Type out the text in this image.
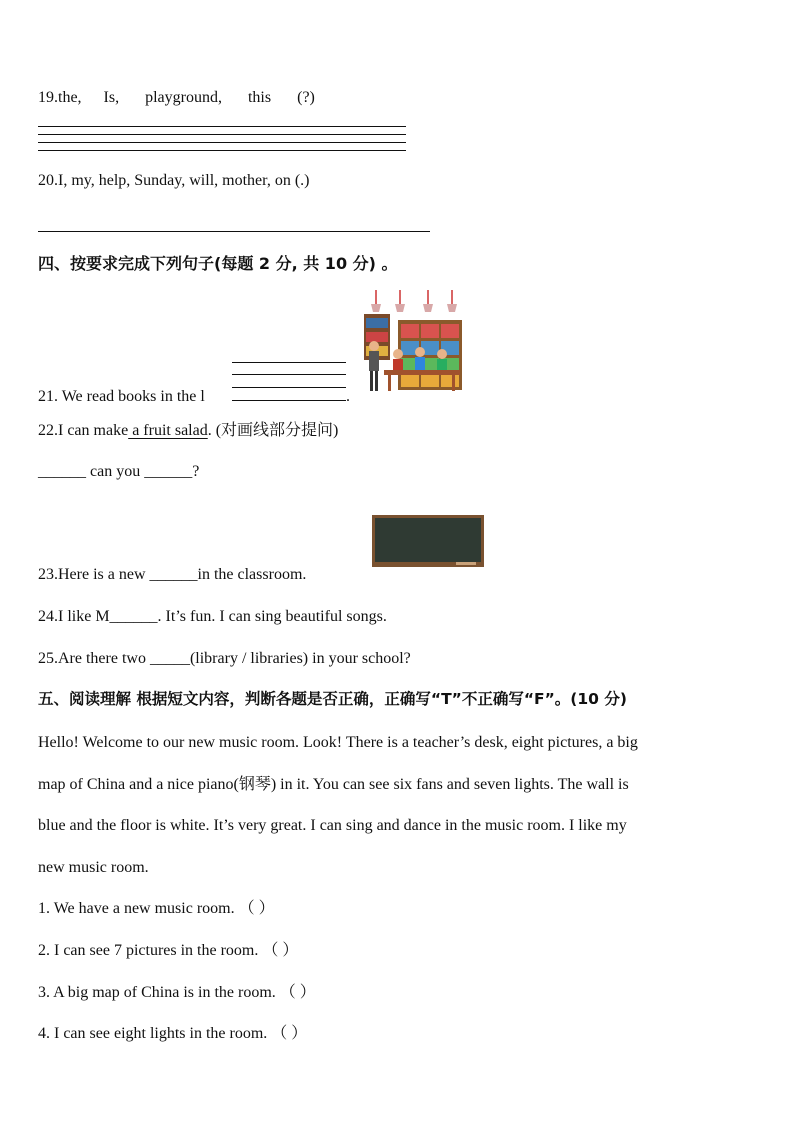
19.the, Is, playground, this (?)
20.I, my, help, Sunday, will, mother, on (.)
四、按要求完成下列句子(每题 2 分, 共 10 分) 。
21. We read books in the l	.
22.I can make a fruit salad. (对画线部分提问)
______ can you ______?
23.Here is a new ______in the classroom.
24.I like M______. It’s fun. I can sing beautiful songs.
25.Are there two _____(library / libraries) in your school?
五、阅读理解 根据短文内容，判断各题是否正确，正确写“T”不正确写“F”。(10 分)
Hello! Welcome to our new music room. Look! There is a teacher’s desk, eight pictures, a big
map of China and a nice piano(钢琴) in it. You can see six fans and seven lights. The wall is
blue and the floor is white. It’s very great. I can sing and dance in the music room. I like my
new music room.
1. We have a new music room. （ ）
2. I can see 7 pictures in the room. （ ）
3. A big map of China is in the room. （ ）
4. I can see eight lights in the room. （ ）
